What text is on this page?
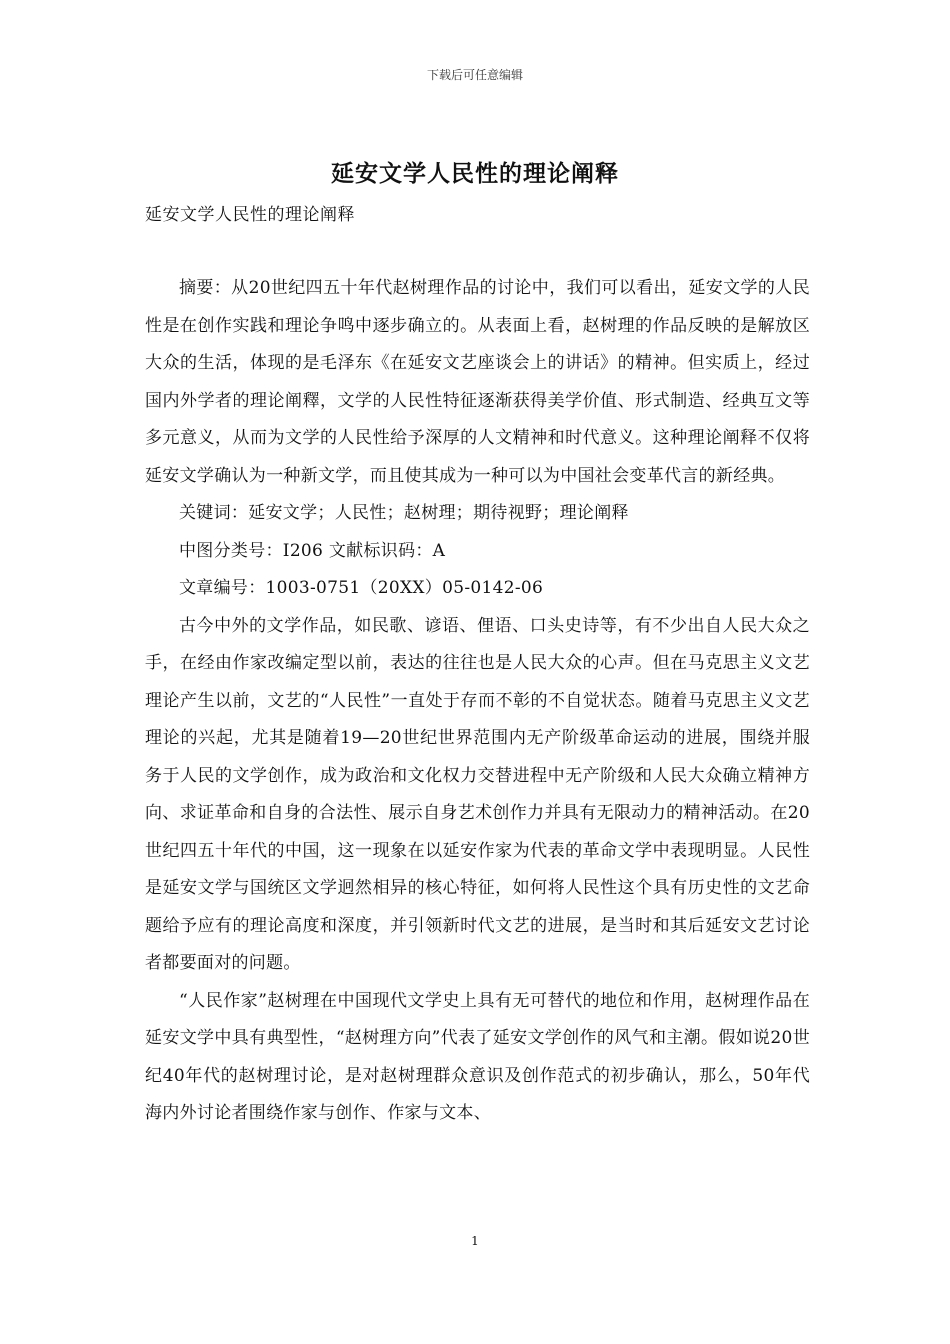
下载后可任意编辑
延安文学人民性的理论阐释
延安文学人民性的理论阐释

摘要：从20世纪四五十年代赵树理作品的讨论中，我们可以看出，延安文学的人民性是在创作实践和理论争鸣中逐步确立的。从表面上看，赵树理的作品反映的是解放区大众的生活，体现的是毛泽东《在延安文艺座谈会上的讲话》的精神。但实质上，经过国内外学者的理论阐釋，文学的人民性特征逐渐获得美学价值、形式制造、经典互文等多元意义，从而为文学的人民性给予深厚的人文精神和时代意义。这种理论阐释不仅将延安文学确认为一种新文学，而且使其成为一种可以为中国社会变革代言的新经典。

关键词：延安文学；人民性；赵树理；期待视野；理论阐释

中图分类号：I206 文献标识码：A

文章编号：1003-0751（20XX）05-0142-06

古今中外的文学作品，如民歌、谚语、俚语、口头史诗等，有不少出自人民大众之手，在经由作家改编定型以前，表达的往往也是人民大众的心声。但在马克思主义文艺理论产生以前，文艺的“人民性”一直处于存而不彰的不自觉状态。随着马克思主义文艺理论的兴起，尤其是随着19—20世纪世界范围内无产阶级革命运动的进展，围绕并服务于人民的文学创作，成为政治和文化权力交替进程中无产阶级和人民大众确立精神方向、求证革命和自身的合法性、展示自身艺术创作力并具有无限动力的精神活动。在20世纪四五十年代的中国，这一现象在以延安作家为代表的革命文学中表现明显。人民性是延安文学与国统区文学迥然相异的核心特征，如何将人民性这个具有历史性的文艺命题给予应有的理论高度和深度，并引领新时代文艺的进展，是当时和其后延安文艺讨论者都要面对的问题。

“人民作家”赵树理在中国现代文学史上具有无可替代的地位和作用，赵树理作品在延安文学中具有典型性，“赵树理方向”代表了延安文学创作的风气和主潮。假如说20世纪40年代的赵树理讨论，是对赵树理群众意识及创作范式的初步确认，那么，50年代海内外讨论者围绕作家与创作、作家与文本、

1
